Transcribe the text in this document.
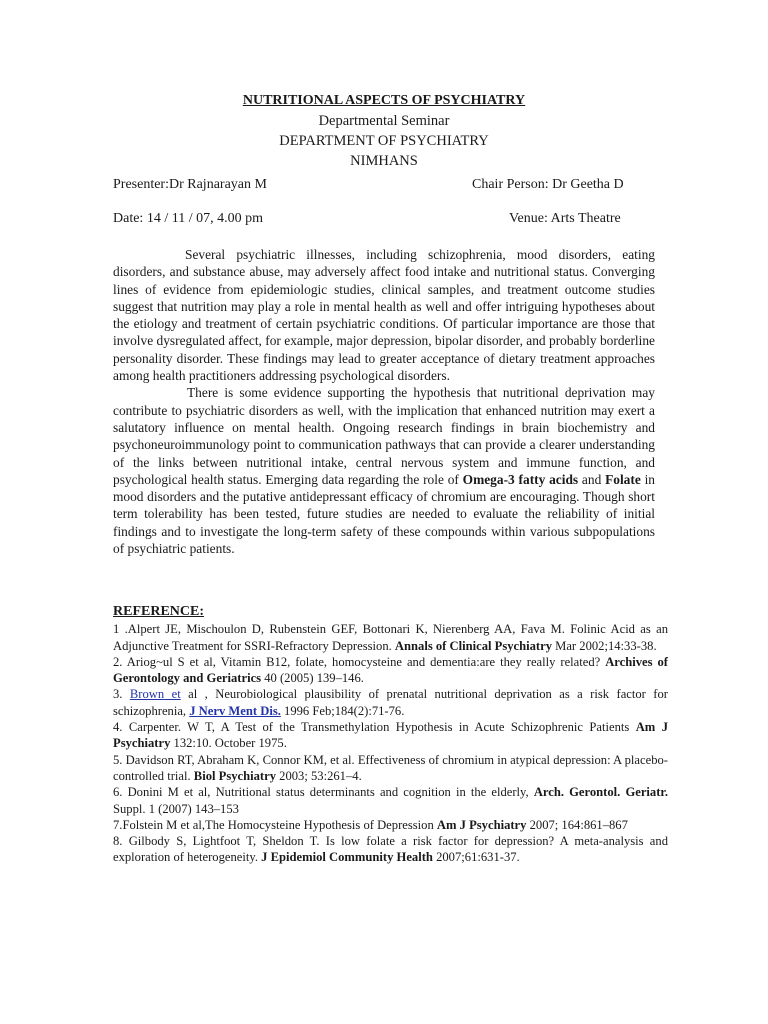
NUTRITIONAL ASPECTS OF PSYCHIATRY
Departmental Seminar
DEPARTMENT OF PSYCHIATRY
NIMHANS
Presenter:Dr Rajnarayan M	Chair Person: Dr Geetha D
Date: 14 / 11 / 07, 4.00 pm	Venue: Arts Theatre

Several psychiatric illnesses, including schizophrenia, mood disorders, eating disorders, and substance abuse, may adversely affect food intake and nutritional status. Converging lines of evidence from epidemiologic studies, clinical samples, and treatment outcome studies suggest that nutrition may play a role in mental health as well and offer intriguing hypotheses about the etiology and treatment of certain psychiatric conditions. Of particular importance are those that involve dysregulated affect, for example, major depression, bipolar disorder, and probably borderline personality disorder. These findings may lead to greater acceptance of dietary treatment approaches among health practitioners addressing psychological disorders.

There is some evidence supporting the hypothesis that nutritional deprivation may contribute to psychiatric disorders as well, with the implication that enhanced nutrition may exert a salutatory influence on mental health. Ongoing research findings in brain biochemistry and psychoneuroimmunology point to communication pathways that can provide a clearer understanding of the links between nutritional intake, central nervous system and immune function, and psychological health status. Emerging data regarding the role of Omega-3 fatty acids and Folate in mood disorders and the putative antidepressant efficacy of chromium are encouraging. Though short term tolerability has been tested, future studies are needed to evaluate the reliability of initial findings and to investigate the long-term safety of these compounds within various subpopulations of psychiatric patients.

REFERENCE:

1 .Alpert JE, Mischoulon D, Rubenstein GEF, Bottonari K, Nierenberg AA, Fava M. Folinic Acid as an Adjunctive Treatment for SSRI-Refractory Depression. Annals of Clinical Psychiatry Mar 2002;14:33-38.

2. Ariog~ul S et al, Vitamin B12, folate, homocysteine and dementia:are they really related? Archives of Gerontology and Geriatrics 40 (2005) 139–146.

3. Brown et al , Neurobiological plausibility of prenatal nutritional deprivation as a risk factor for schizophrenia, J Nerv Ment Dis. 1996 Feb;184(2):71-76.

4. Carpenter. W T, A Test of the Transmethylation Hypothesis in Acute Schizophrenic Patients Am J Psychiatry 132:10. October 1975.

5. Davidson RT, Abraham K, Connor KM, et al. Effectiveness of chromium in atypical depression: A placebo-controlled trial. Biol Psychiatry 2003; 53:261–4.

6. Donini M et al, Nutritional status determinants and cognition in the elderly, Arch. Gerontol. Geriatr. Suppl. 1 (2007) 143–153

7.Folstein M et al,The Homocysteine Hypothesis of Depression Am J Psychiatry 2007; 164:861–867

8. Gilbody S, Lightfoot T, Sheldon T. Is low folate a risk factor for depression? A meta-analysis and exploration of heterogeneity. J Epidemiol Community Health 2007;61:631-37.
